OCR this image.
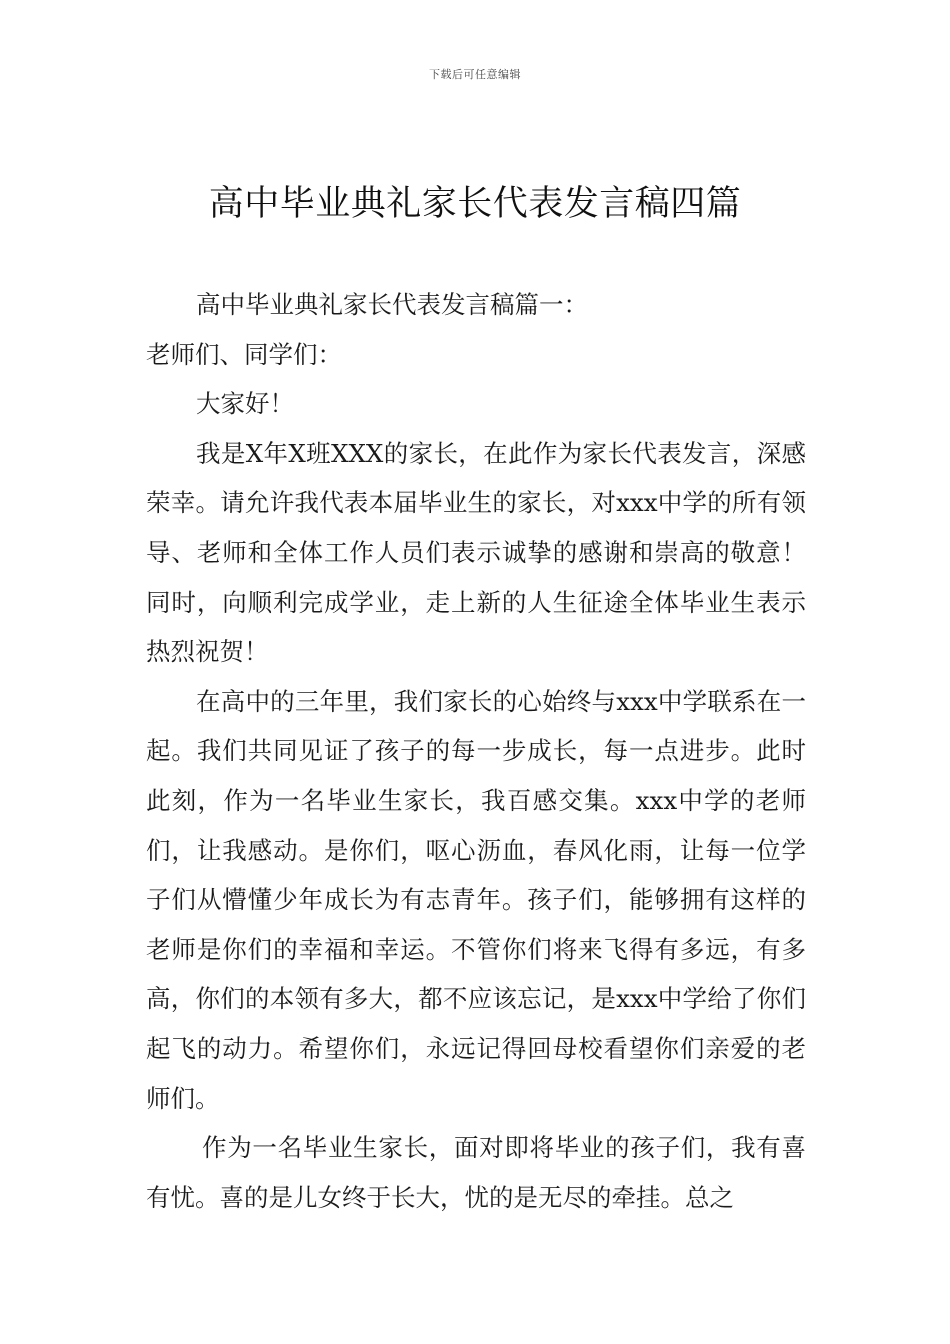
下载后可任意编辑
高中毕业典礼家长代表发言稿四篇

高中毕业典礼家长代表发言稿篇一：

老师们、同学们：

大家好！

我是X年X班XXX的家长，在此作为家长代表发言，深感荣幸。请允许我代表本届毕业生的家长，对xxx中学的所有领导、老师和全体工作人员们表示诚挚的感谢和崇高的敬意！同时，向顺利完成学业，走上新的人生征途全体毕业生表示热烈祝贺！

在高中的三年里，我们家长的心始终与xxx中学联系在一起。我们共同见证了孩子的每一步成长，每一点进步。此时此刻，作为一名毕业生家长，我百感交集。xxx中学的老师们，让我感动。是你们，呕心沥血，春风化雨，让每一位学子们从懵懂少年成长为有志青年。孩子们，能够拥有这样的老师是你们的幸福和幸运。不管你们将来飞得有多远，有多高，你们的本领有多大，都不应该忘记，是xxx中学给了你们起飞的动力。希望你们，永远记得回母校看望你们亲爱的老师们。

作为一名毕业生家长，面对即将毕业的孩子们，我有喜有忧。喜的是儿女终于长大，忧的是无尽的牵挂。总之
